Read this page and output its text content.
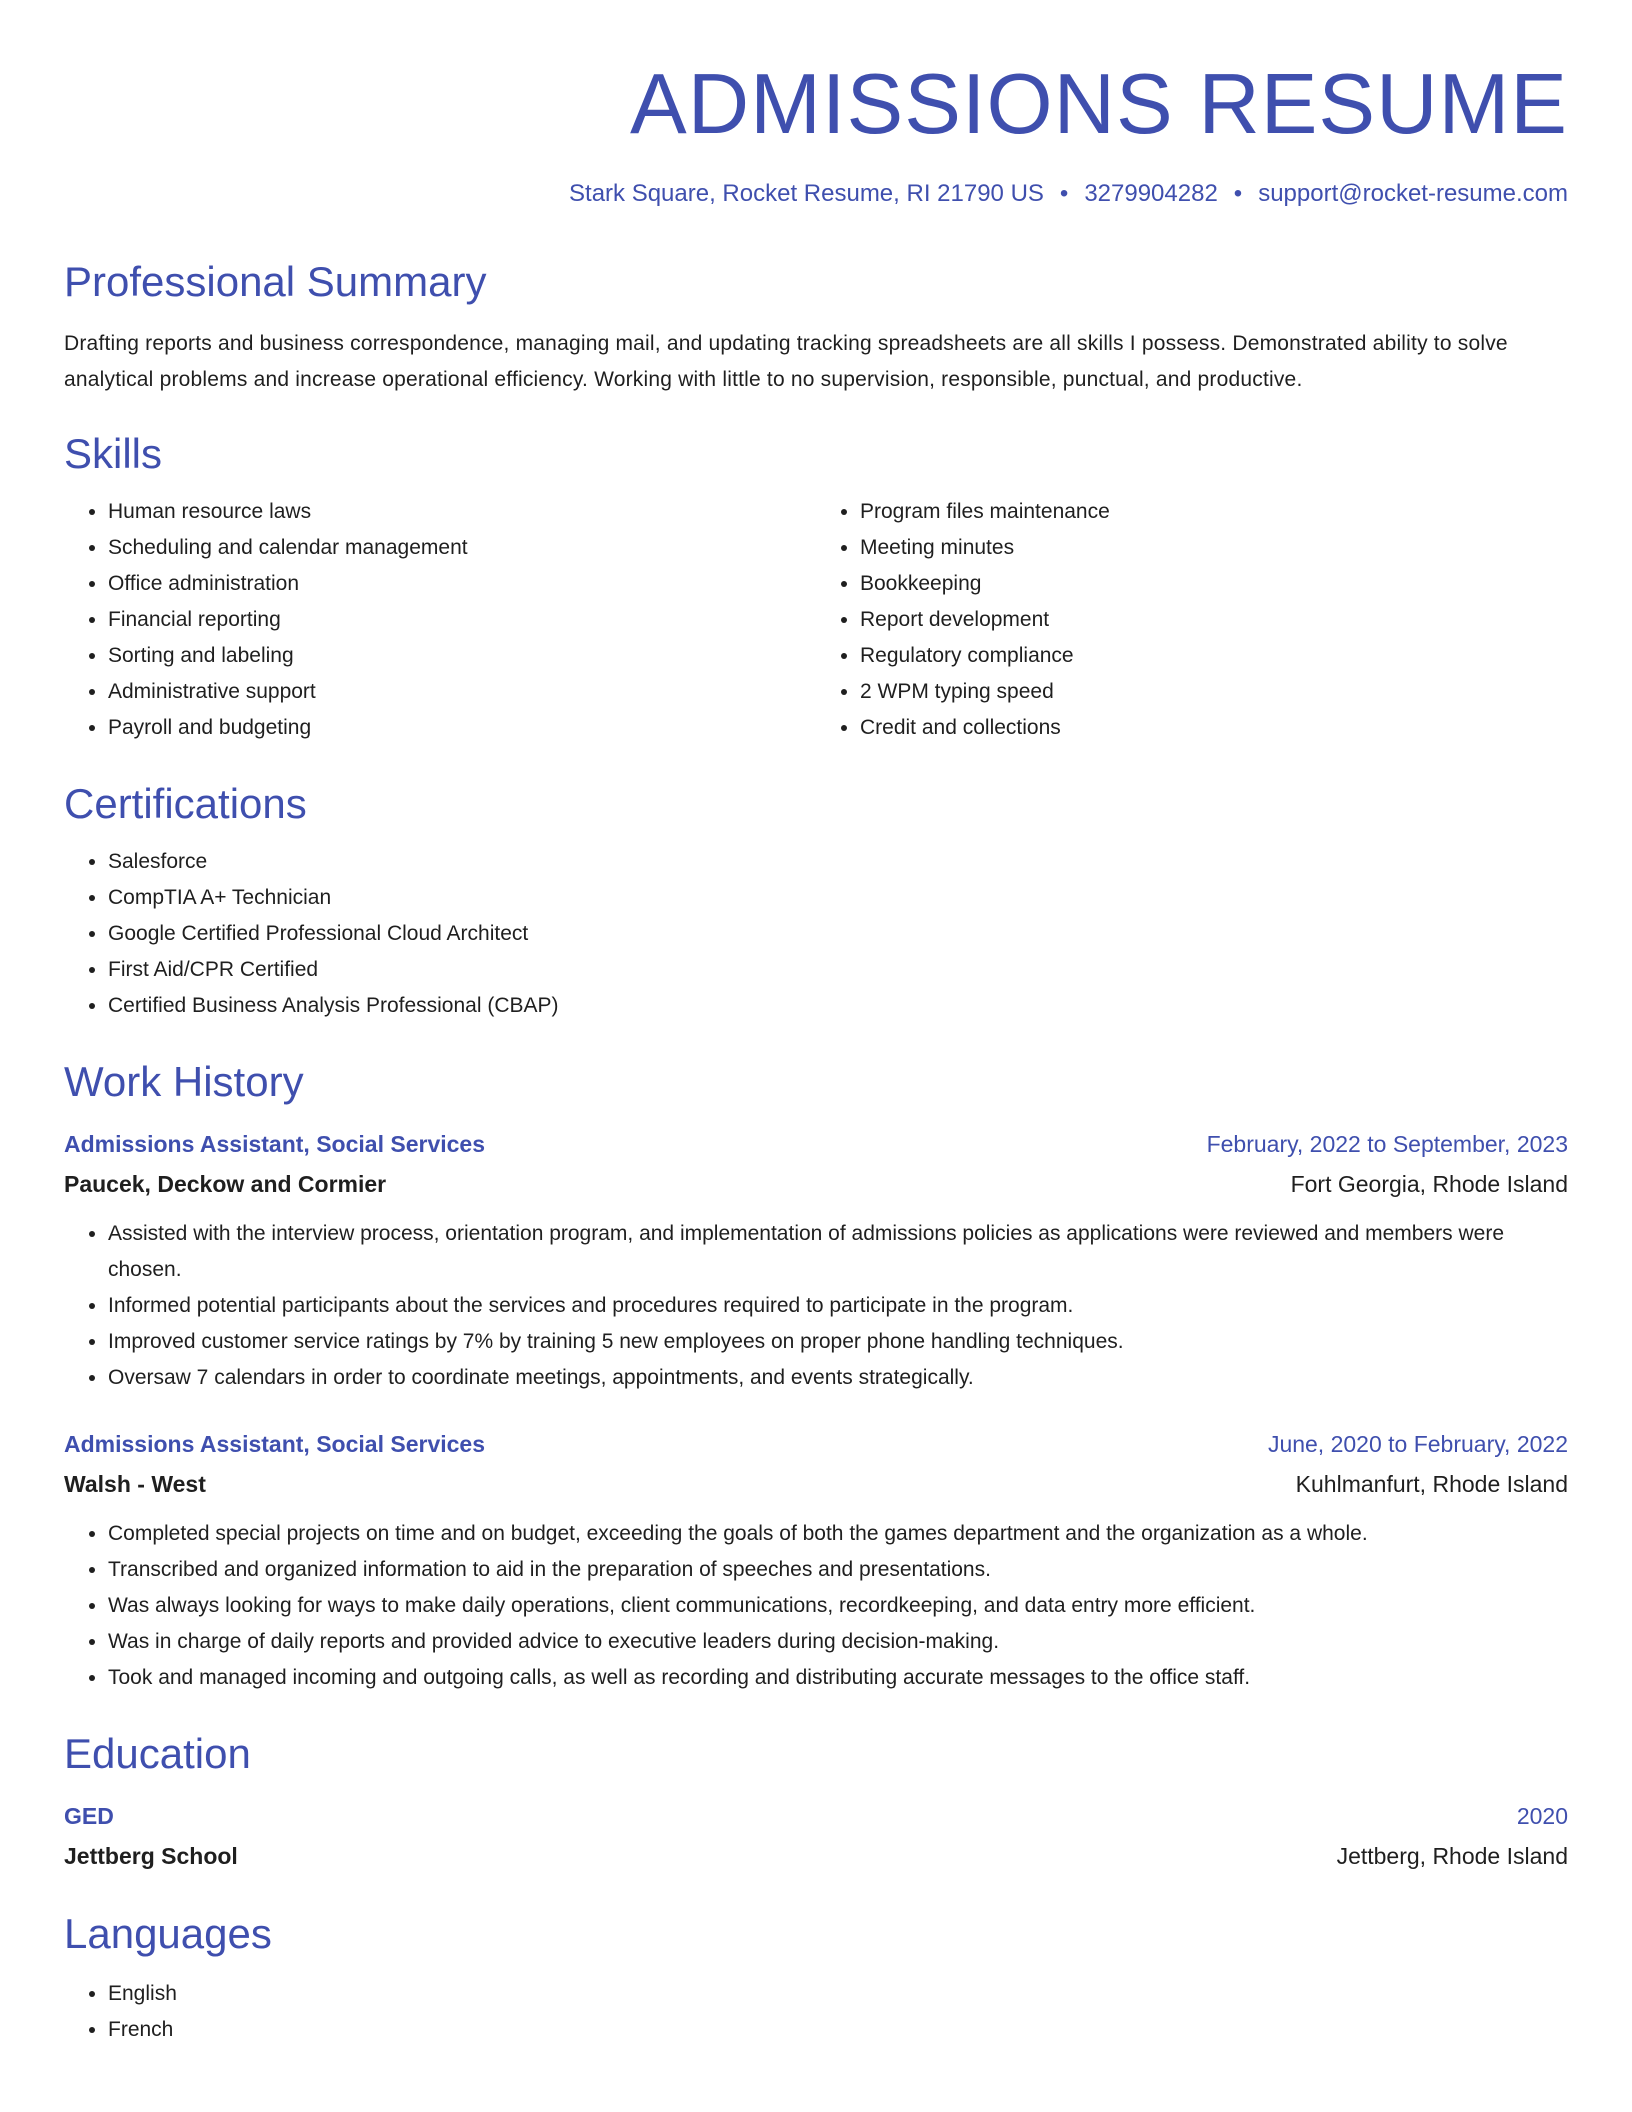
ADMISSIONS RESUME
Stark Square, Rocket Resume, RI 21790 US • 3279904282 • support@rocket-resume.com
Professional Summary

Drafting reports and business correspondence, managing mail, and updating tracking spreadsheets are all skills I possess. Demonstrated ability to solve analytical problems and increase operational efficiency. Working with little to no supervision, responsible, punctual, and productive.

Skills
• Human resource laws
• Scheduling and calendar management
• Office administration
• Financial reporting
• Sorting and labeling
• Administrative support
• Payroll and budgeting
• Program files maintenance
• Meeting minutes
• Bookkeeping
• Report development
• Regulatory compliance
• 2 WPM typing speed
• Credit and collections
Certifications
• Salesforce
• CompTIA A+ Technician
• Google Certified Professional Cloud Architect
• First Aid/CPR Certified
• Certified Business Analysis Professional (CBAP)
Work History
Admissions Assistant, Social Services	February, 2022 to September, 2023
Paucek, Deckow and Cormier	Fort Georgia, Rhode Island
• Assisted with the interview process, orientation program, and implementation of admissions policies as applications were reviewed and members were chosen.
• Informed potential participants about the services and procedures required to participate in the program.
• Improved customer service ratings by 7% by training 5 new employees on proper phone handling techniques.
• Oversaw 7 calendars in order to coordinate meetings, appointments, and events strategically.
Admissions Assistant, Social Services	June, 2020 to February, 2022
Walsh - West	Kuhlmanfurt, Rhode Island
• Completed special projects on time and on budget, exceeding the goals of both the games department and the organization as a whole.
• Transcribed and organized information to aid in the preparation of speeches and presentations.
• Was always looking for ways to make daily operations, client communications, recordkeeping, and data entry more efficient.
• Was in charge of daily reports and provided advice to executive leaders during decision-making.
• Took and managed incoming and outgoing calls, as well as recording and distributing accurate messages to the office staff.
Education
GED	2020
Jettberg School	Jettberg, Rhode Island
Languages
• English
• French
